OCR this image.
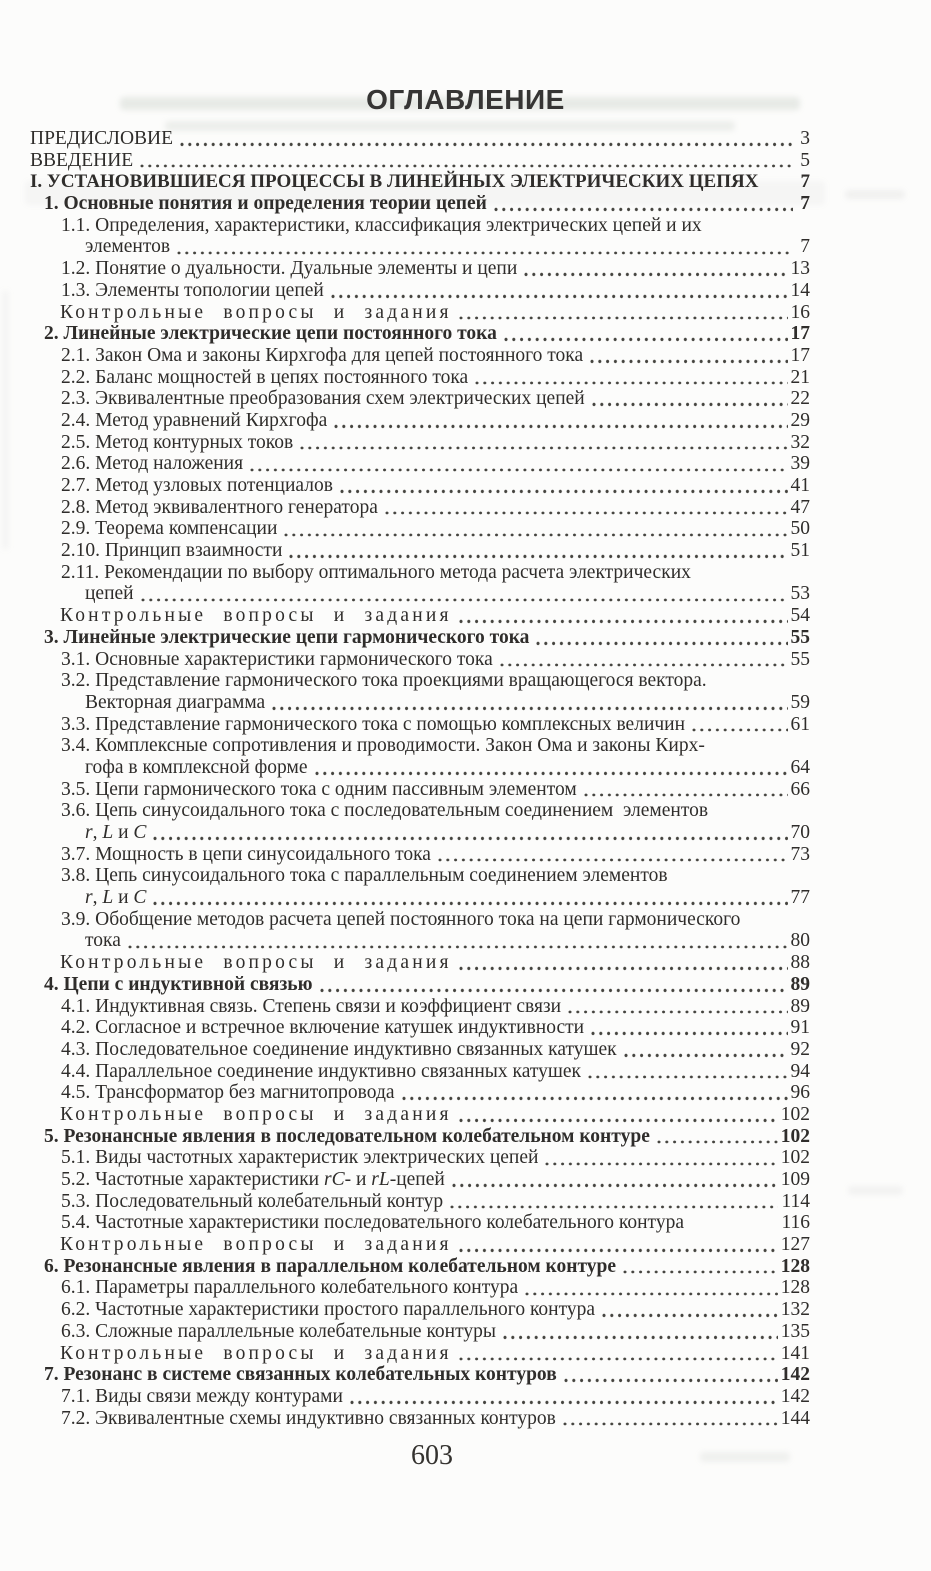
ОГЛАВЛЕНИЕ
ПРЕДИСЛОВИЕ	3
ВВЕДЕНИЕ	5
I. УСТАНОВИВШИЕСЯ ПРОЦЕССЫ В ЛИНЕЙНЫХ ЭЛЕКТРИЧЕСКИХ ЦЕПЯХ 7
1. Основные понятия и определения теории цепей	7
1.1. Определения, характеристики, классификация электрических цепей и их
элементов	7
1.2. Понятие о дуальности. Дуальные элементы и цепи	13
1.3. Элементы топологии цепей	14
Контрольные вопросы и задания	16
2. Линейные электрические цепи постоянного тока	17
2.1. Закон Ома и законы Кирхгофа для цепей постоянного тока	17
2.2. Баланс мощностей в цепях постоянного тока	21
2.3. Эквивалентные преобразования схем электрических цепей	22
2.4. Метод уравнений Кирхгофа	29
2.5. Метод контурных токов	32
2.6. Метод наложения	39
2.7. Метод узловых потенциалов	41
2.8. Метод эквивалентного генератора	47
2.9. Теорема компенсации	50
2.10. Принцип взаимности	51
2.11. Рекомендации по выбору оптимального метода расчета электрических
цепей	53
Контрольные вопросы и задания	54
3. Линейные электрические цепи гармонического тока	55
3.1. Основные характеристики гармонического тока	55
3.2. Представление гармонического тока проекциями вращающегося вектора.
Векторная диаграмма	59
3.3. Представление гармонического тока с помощью комплексных величин	61
3.4. Комплексные сопротивления и проводимости. Закон Ома и законы Кирх-
гофа в комплексной форме	64
3.5. Цепи гармонического тока с одним пассивным элементом	66
3.6. Цепь синусоидального тока с последовательным соединением  элементов
r, L и C	70
3.7. Мощность в цепи синусоидального тока	73
3.8. Цепь синусоидального тока с параллельным соединением элементов
r, L и C	77
3.9. Обобщение методов расчета цепей постоянного тока на цепи гармонического
тока	80
Контрольные вопросы и задания	88
4. Цепи с индуктивной связью	89
4.1. Индуктивная связь. Степень связи и коэффициент связи	89
4.2. Согласное и встречное включение катушек индуктивности	91
4.3. Последовательное соединение индуктивно связанных катушек	92
4.4. Параллельное соединение индуктивно связанных катушек	94
4.5. Трансформатор без магнитопровода	96
Контрольные вопросы и задания	102
5. Резонансные явления в последовательном колебательном контуре	102
5.1. Виды частотных характеристик электрических цепей	102
5.2. Частотные характеристики rC- и rL-цепей	109
5.3. Последовательный колебательный контур	114
5.4. Частотные характеристики последовательного колебательного контура	116
Контрольные вопросы и задания	127
6. Резонансные явления в параллельном колебательном контуре	128
6.1. Параметры параллельного колебательного контура	128
6.2. Частотные характеристики простого параллельного контура	132
6.3. Сложные параллельные колебательные контуры	135
Контрольные вопросы и задания	141
7. Резонанс в системе связанных колебательных контуров	142
7.1. Виды связи между контурами	142
7.2. Эквивалентные схемы индуктивно связанных контуров	144
603
